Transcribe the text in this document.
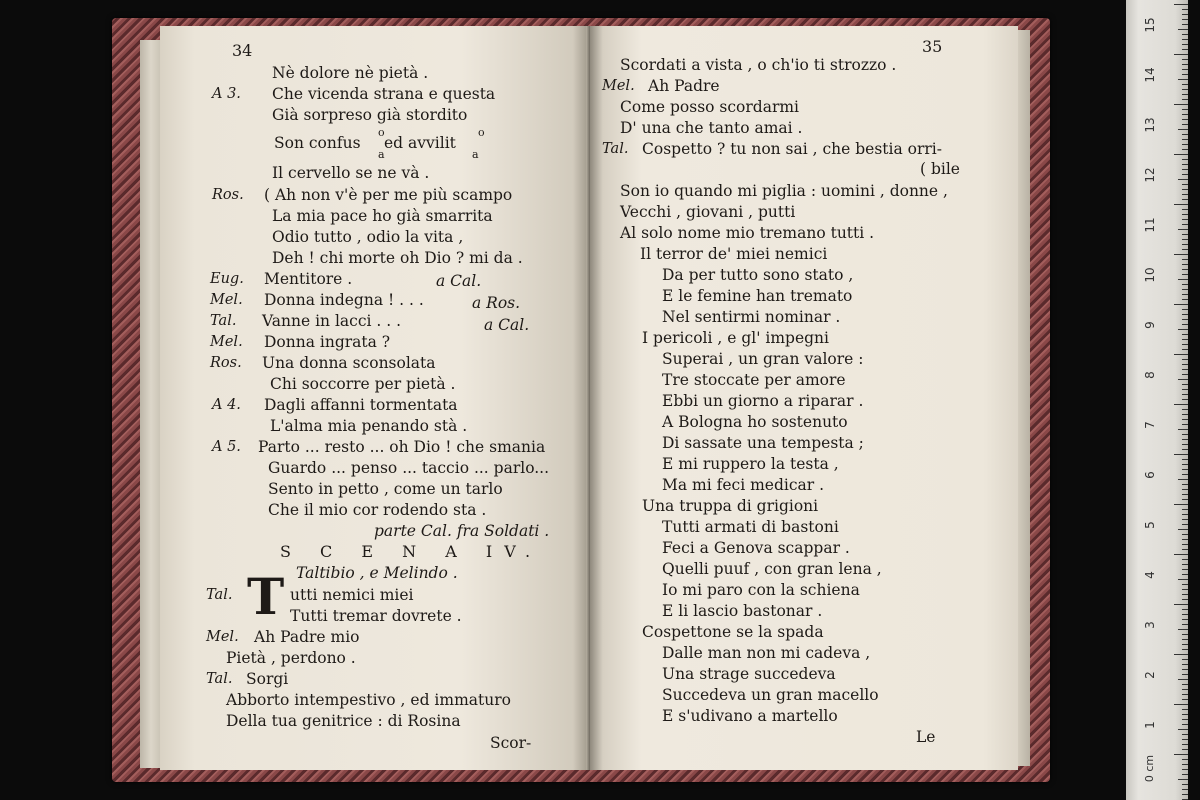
34
Nè dolore nè pietà .
A 3. Che vicenda strana e questa
Già sorpreso già stordito
Son confus
o
a
ed avvilit
o
a
Il cervello se ne và .
Ros. ( Ah non v'è per me più scampo
La mia pace ho già smarrita
Odio tutto , odio la vita ,
Deh ! chi morte oh Dio ? mi da .
Eug. Mentitore .	a Cal.
Mel. Donna indegna ! . . .	a Ros.
Tal. Vanne in lacci . . .	a Cal.
Mel. Donna ingrata ?
Ros. Una donna sconsolata
Chi soccorre per pietà .
A 4. Dagli affanni tormentata
L'alma mia penando stà .
A 5. Parto ... resto ... oh Dio ! che smania
Guardo ... penso ... taccio ... parlo...
Sento in petto , come un tarlo
Che il mio cor rodendo sta .
parte Cal. fra Soldati .
S C E N A IV.
Taltibio , e Melindo .
Tal.	utti nemici miei
Tutti tremar dovrete .
Mel. Ah Padre mio
Pietà , perdono .
Tal. Sorgi
Abborto intempestivo , ed immaturo
Della tua genitrice : di Rosina
Scor-
T
35
Scordati a vista , o ch'io ti strozzo .
Mel. Ah Padre
Come posso scordarmi
D' una che tanto amai .
Tal. Cospetto ? tu non sai , che bestia orri-
( bile
Son io quando mi piglia : uomini , donne ,
Vecchi , giovani , putti
Al solo nome mio tremano tutti .
Il terror de' miei nemici
Da per tutto sono stato ,
E le femine han tremato
Nel sentirmi nominar .
I pericoli , e gl' impegni
Superai , un gran valore :
Tre stoccate per amore
Ebbi un giorno a riparar .
A Bologna ho sostenuto
Di sassate una tempesta ;
E mi ruppero la testa ,
Ma mi feci medicar .
Una truppa di grigioni
Tutti armati di bastoni
Feci a Genova scappar .
Quelli puuf , con gran lena ,
Io mi paro con la schiena
E li lascio bastonar .
Cospettone se la spada
Dalle man non mi cadeva ,
Una strage succedeva
Succedeva un gran macello
E s'udivano a martello
Le
15
14
13
12
11
10
9
8
7
6
5
4
3
2
1
0 cm
